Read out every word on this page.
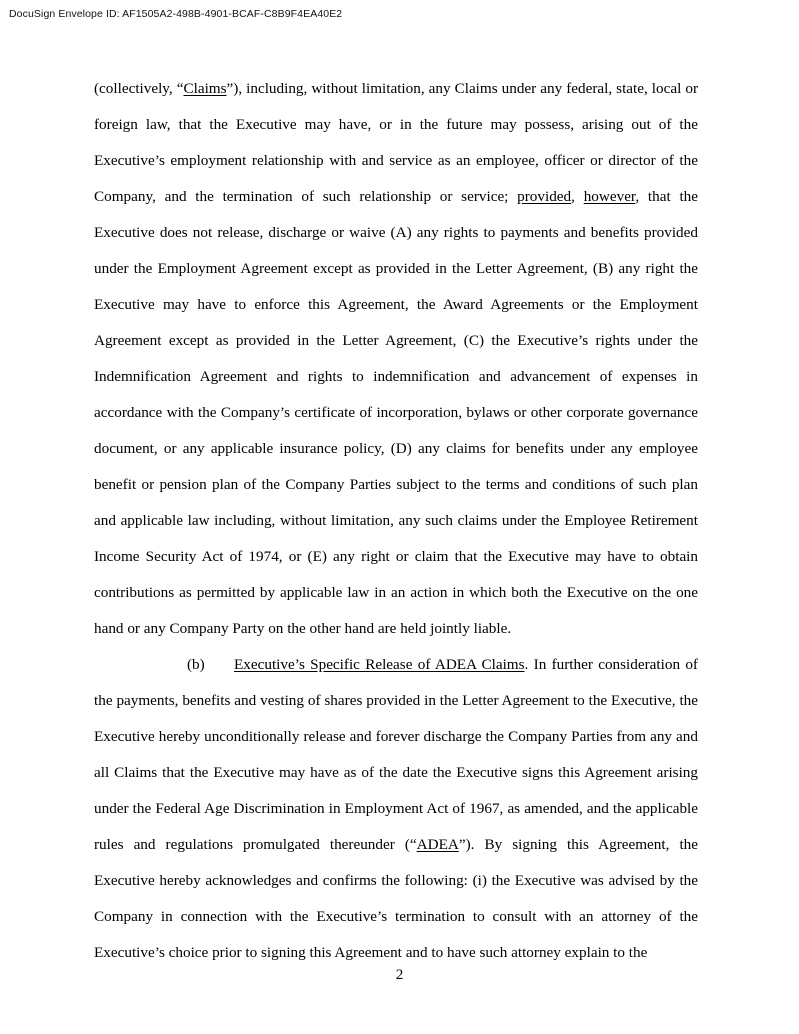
DocuSign Envelope ID: AF1505A2-498B-4901-BCAF-C8B9F4EA40E2

(collectively, “Claims”), including, without limitation, any Claims under any federal, state, local or foreign law, that the Executive may have, or in the future may possess, arising out of the Executive’s employment relationship with and service as an employee, officer or director of the Company, and the termination of such relationship or service; provided, however, that the Executive does not release, discharge or waive (A) any rights to payments and benefits provided under the Employment Agreement except as provided in the Letter Agreement, (B) any right the Executive may have to enforce this Agreement, the Award Agreements or the Employment Agreement except as provided in the Letter Agreement, (C) the Executive’s rights under the Indemnification Agreement and rights to indemnification and advancement of expenses in accordance with the Company’s certificate of incorporation, bylaws or other corporate governance document, or any applicable insurance policy, (D) any claims for benefits under any employee benefit or pension plan of the Company Parties subject to the terms and conditions of such plan and applicable law including, without limitation, any such claims under the Employee Retirement Income Security Act of 1974, or (E) any right or claim that the Executive may have to obtain contributions as permitted by applicable law in an action in which both the Executive on the one hand or any Company Party on the other hand are held jointly liable.

(b) Executive’s Specific Release of ADEA Claims. In further consideration of the payments, benefits and vesting of shares provided in the Letter Agreement to the Executive, the Executive hereby unconditionally release and forever discharge the Company Parties from any and all Claims that the Executive may have as of the date the Executive signs this Agreement arising under the Federal Age Discrimination in Employment Act of 1967, as amended, and the applicable rules and regulations promulgated thereunder (“ADEA”). By signing this Agreement, the Executive hereby acknowledges and confirms the following: (i) the Executive was advised by the Company in connection with the Executive’s termination to consult with an attorney of the Executive’s choice prior to signing this Agreement and to have such attorney explain to the

2
